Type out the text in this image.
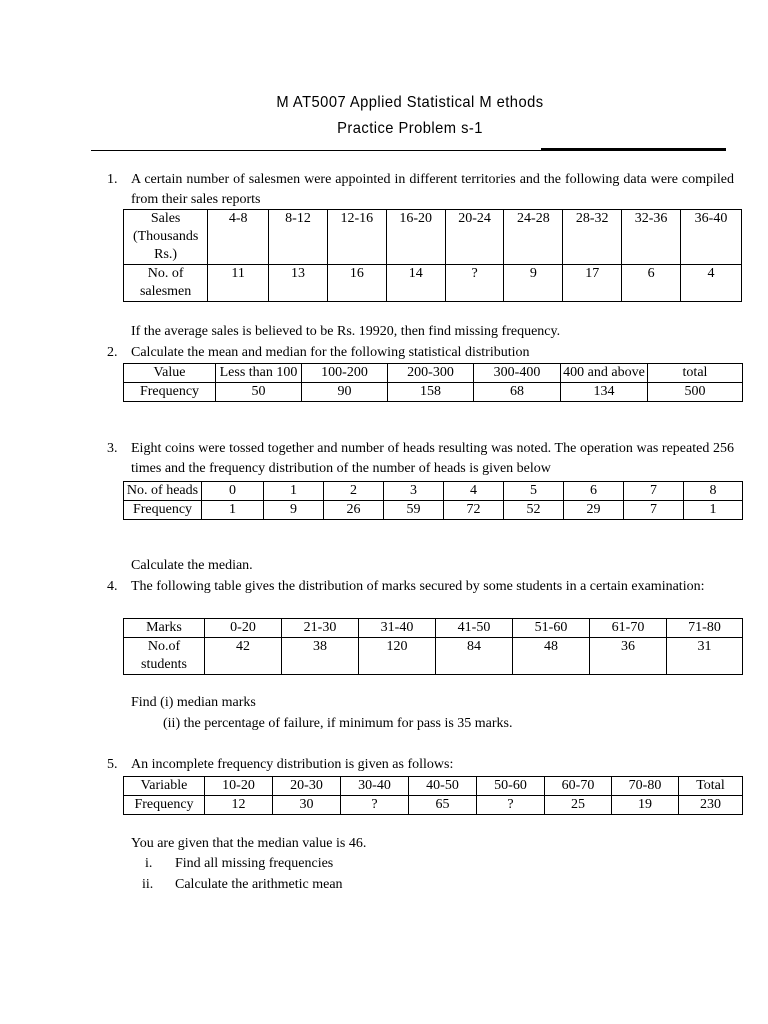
M AT5007 Applied Statistical M ethods
Practice Problem s-1
1. A certain number of salesmen were appointed in different territories and the following data were compiled from their sales reports
Sales (Thousands Rs.)	4-8	8-12	12-16	16-20	20-24	24-28	28-32	32-36	36-40
No. of salesmen	11	13	16	14	?	9	17	6	4
If the average sales is believed to be Rs. 19920, then find missing frequency.
2. Calculate the mean and median for the following statistical distribution
Value	Less than 100	100-200	200-300	300-400	400 and above	total
Frequency	50	90	158	68	134	500
3. Eight coins were tossed together and number of heads resulting was noted. The operation was repeated 256 times and the frequency distribution of the number of heads is given below
No. of heads	0	1	2	3	4	5	6	7	8
Frequency	1	9	26	59	72	52	29	7	1
Calculate the median.
4. The following table gives the distribution of marks secured by some students in a certain examination:
Marks	0-20	21-30	31-40	41-50	51-60	61-70	71-80
No.of students	42	38	120	84	48	36	31
Find (i) median marks
(ii) the percentage of failure, if minimum for pass is 35 marks.
5. An incomplete frequency distribution is given as follows:
Variable	10-20	20-30	30-40	40-50	50-60	60-70	70-80	Total
Frequency	12	30	?	65	?	25	19	230
You are given that the median value is 46.
i. Find all missing frequencies
ii. Calculate the arithmetic mean
